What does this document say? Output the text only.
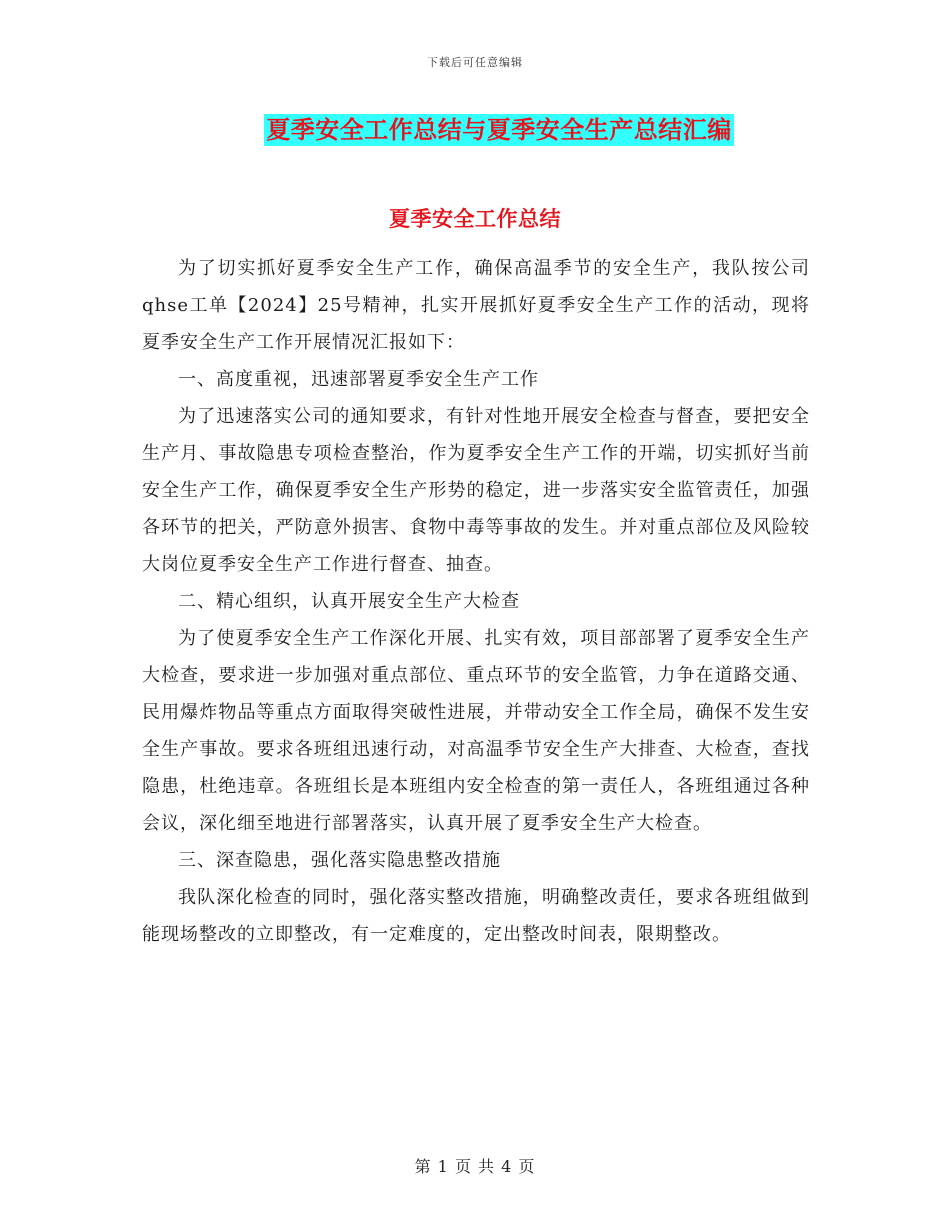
下载后可任意编辑
夏季安全工作总结与夏季安全生产总结汇编
夏季安全工作总结

为了切实抓好夏季安全生产工作，确保高温季节的安全生产，我队按公司qhse工单【2024】25号精神，扎实开展抓好夏季安全生产工作的活动，现将夏季安全生产工作开展情况汇报如下：

一、高度重视，迅速部署夏季安全生产工作

为了迅速落实公司的通知要求，有针对性地开展安全检查与督查，要把安全生产月、事故隐患专项检查整治，作为夏季安全生产工作的开端，切实抓好当前安全生产工作，确保夏季安全生产形势的稳定，进一步落实安全监管责任，加强各环节的把关，严防意外损害、食物中毒等事故的发生。并对重点部位及风险较大岗位夏季安全生产工作进行督查、抽查。

二、精心组织，认真开展安全生产大检查

为了使夏季安全生产工作深化开展、扎实有效，项目部部署了夏季安全生产大检查，要求进一步加强对重点部位、重点环节的安全监管，力争在道路交通、民用爆炸物品等重点方面取得突破性进展，并带动安全工作全局，确保不发生安全生产事故。要求各班组迅速行动，对高温季节安全生产大排查、大检查，查找隐患，杜绝违章。各班组长是本班组内安全检查的第一责任人，各班组通过各种会议，深化细至地进行部署落实，认真开展了夏季安全生产大检查。

三、深查隐患，强化落实隐患整改措施

我队深化检查的同时，强化落实整改措施，明确整改责任，要求各班组做到能现场整改的立即整改，有一定难度的，定出整改时间表，限期整改。

第 1 页 共 4 页
